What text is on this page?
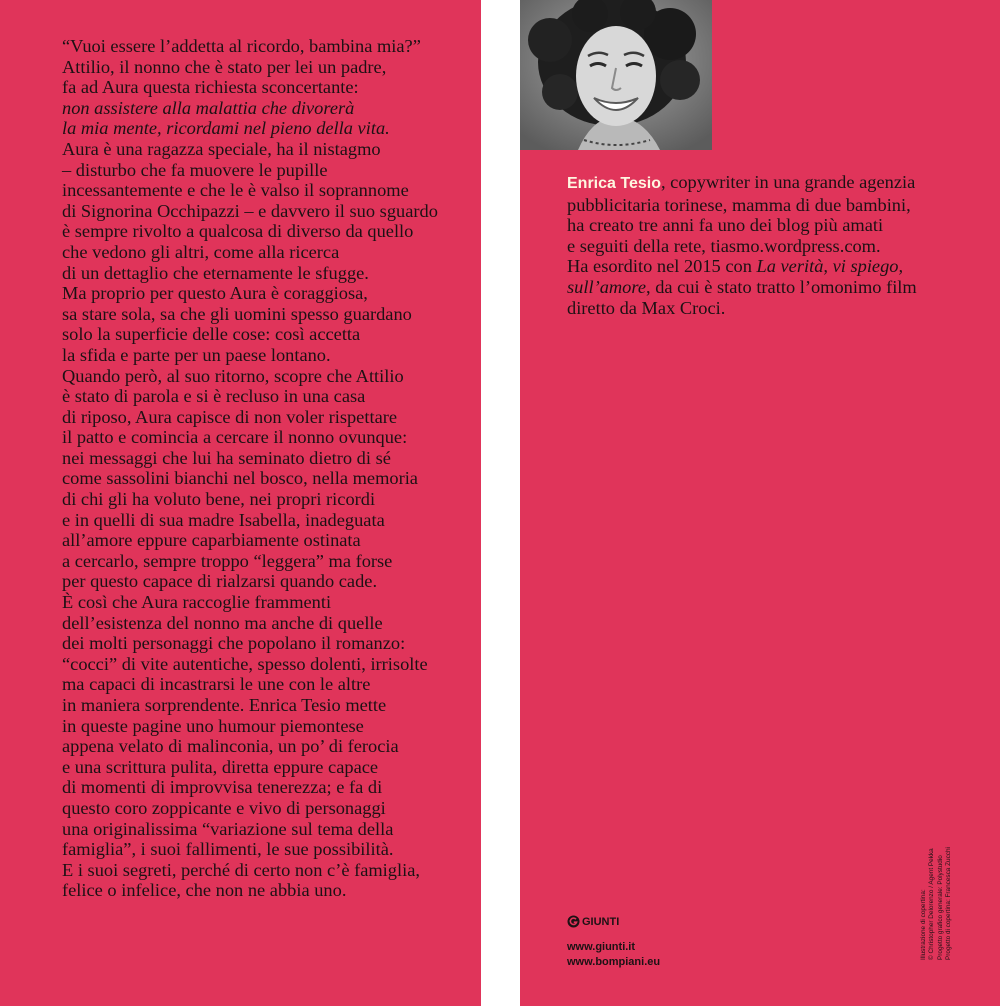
“Vuoi essere l’addetta al ricordo, bambina mia?”
Attilio, il nonno che è stato per lei un padre,
fa ad Aura questa richiesta sconcertante:
non assistere alla malattia che divorerà
la mia mente, ricordami nel pieno della vita.
Aura è una ragazza speciale, ha il nistagmo
– disturbo che fa muovere le pupille
incessantemente e che le è valso il soprannome
di Signorina Occhipazzi – e davvero il suo sguardo
è sempre rivolto a qualcosa di diverso da quello
che vedono gli altri, come alla ricerca
di un dettaglio che eternamente le sfugge.
Ma proprio per questo Aura è coraggiosa,
sa stare sola, sa che gli uomini spesso guardano
solo la superficie delle cose: così accetta
la sfida e parte per un paese lontano.
Quando però, al suo ritorno, scopre che Attilio
è stato di parola e si è recluso in una casa
di riposo, Aura capisce di non voler rispettare
il patto e comincia a cercare il nonno ovunque:
nei messaggi che lui ha seminato dietro di sé
come sassolini bianchi nel bosco, nella memoria
di chi gli ha voluto bene, nei propri ricordi
e in quelli di sua madre Isabella, inadeguata
all’amore eppure caparbiamente ostinata
a cercarlo, sempre troppo “leggera” ma forse
per questo capace di rialzarsi quando cade.
È così che Aura raccoglie frammenti
dell’esistenza del nonno ma anche di quelle
dei molti personaggi che popolano il romanzo:
“cocci” di vite autentiche, spesso dolenti, irrisolte
ma capaci di incastrarsi le une con le altre
in maniera sorprendente. Enrica Tesio mette
in queste pagine uno humour piemontese
appena velato di malinconia, un po’ di ferocia
e una scrittura pulita, diretta eppure capace
di momenti di improvvisa tenerezza; e fa di
questo coro zoppicante e vivo di personaggi
una originalissima “variazione sul tema della
famiglia”, i suoi fallimenti, le sue possibilità.
E i suoi segreti, perché di certo non c’è famiglia,
felice o infelice, che non ne abbia uno.

Enrica Tesio, copywriter in una grande agenzia
pubblicitaria torinese, mamma di due bambini,
ha creato tre anni fa uno dei blog più amati
e seguiti della rete, tiasmo.wordpress.com.
Ha esordito nel 2015 con La verità, vi spiego,
sull’amore, da cui è stato tratto l’omonimo film
diretto da Max Croci.

GIUNTI
www.giunti.it
www.bompiani.eu
Illustrazione di copertina: © Christopher Delorenzo / Agent Pekka Progetto grafico generale: Polystudio Progetto di copertina: Francesca Zucchi
